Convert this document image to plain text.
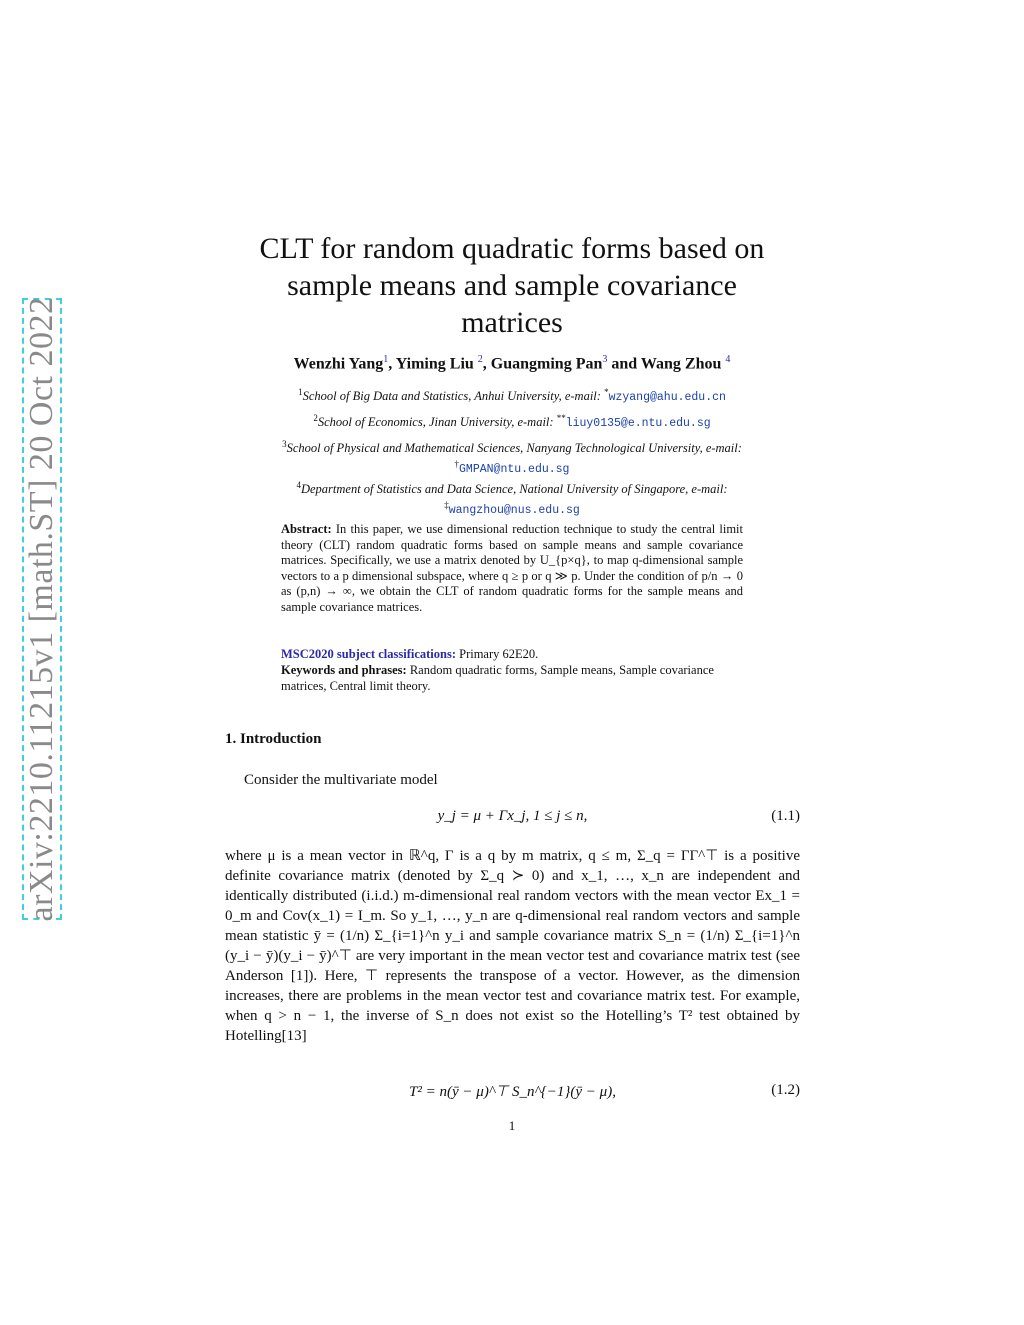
arXiv:2210.11215v1 [math.ST] 20 Oct 2022
CLT for random quadratic forms based on
sample means and sample covariance
matrices
Wenzhi Yang$^1$, Yiming Liu $^2$, Guangming Pan$^3$ and Wang Zhou $^4$
$^1$School of Big Data and Statistics, Anhui University, e-mail: *wzyang@ahu.edu.cn
$^2$School of Economics, Jinan University, e-mail: **liuy0135@e.ntu.edu.sg
$^3$School of Physical and Mathematical Sciences, Nanyang Technological University, e-mail:
†GMPAN@ntu.edu.sg
$^4$Department of Statistics and Data Science, National University of Singapore, e-mail:
‡wangzhou@nus.edu.sg
Abstract: In this paper, we use dimensional reduction technique to study the central limit theory (CLT) random quadratic forms based on sample means and sample covariance matrices. Specifically, we use a matrix denoted by U_{p×q}, to map q-dimensional sample vectors to a p dimensional subspace, where q ≥ p or q ≫ p. Under the condition of p/n → 0 as (p,n) → ∞, we obtain the CLT of random quadratic forms for the sample means and sample covariance matrices.
MSC2020 subject classifications: Primary 62E20.
Keywords and phrases: Random quadratic forms, Sample means, Sample covariance matrices, Central limit theory.
1. Introduction
Consider the multivariate model
y_j = μ + Γx_j, 1 ≤ j ≤ n,	(1.1)
where μ is a mean vector in ℝ^q, Γ is a q by m matrix, q ≤ m, Σ_q = ΓΓ^⊤ is a positive definite covariance matrix (denoted by Σ_q ≻ 0) and x_1, …, x_n are independent and identically distributed (i.i.d.) m-dimensional real random vectors with the mean vector Ex_1 = 0_m and Cov(x_1) = I_m. So y_1, …, y_n are q-dimensional real random vectors and sample mean statistic ȳ = (1/n) Σ_{i=1}^n y_i and sample covariance matrix S_n = (1/n) Σ_{i=1}^n (y_i − ȳ)(y_i − ȳ)^⊤ are very important in the mean vector test and covariance matrix test (see Anderson [1]). Here, ⊤ represents the transpose of a vector. However, as the dimension increases, there are problems in the mean vector test and covariance matrix test. For example, when q > n − 1, the inverse of S_n does not exist so the Hotelling’s T² test obtained by Hotelling[13]
T² = n(ȳ − μ)^⊤ S_n^{−1}(ȳ − μ),	(1.2)
1
